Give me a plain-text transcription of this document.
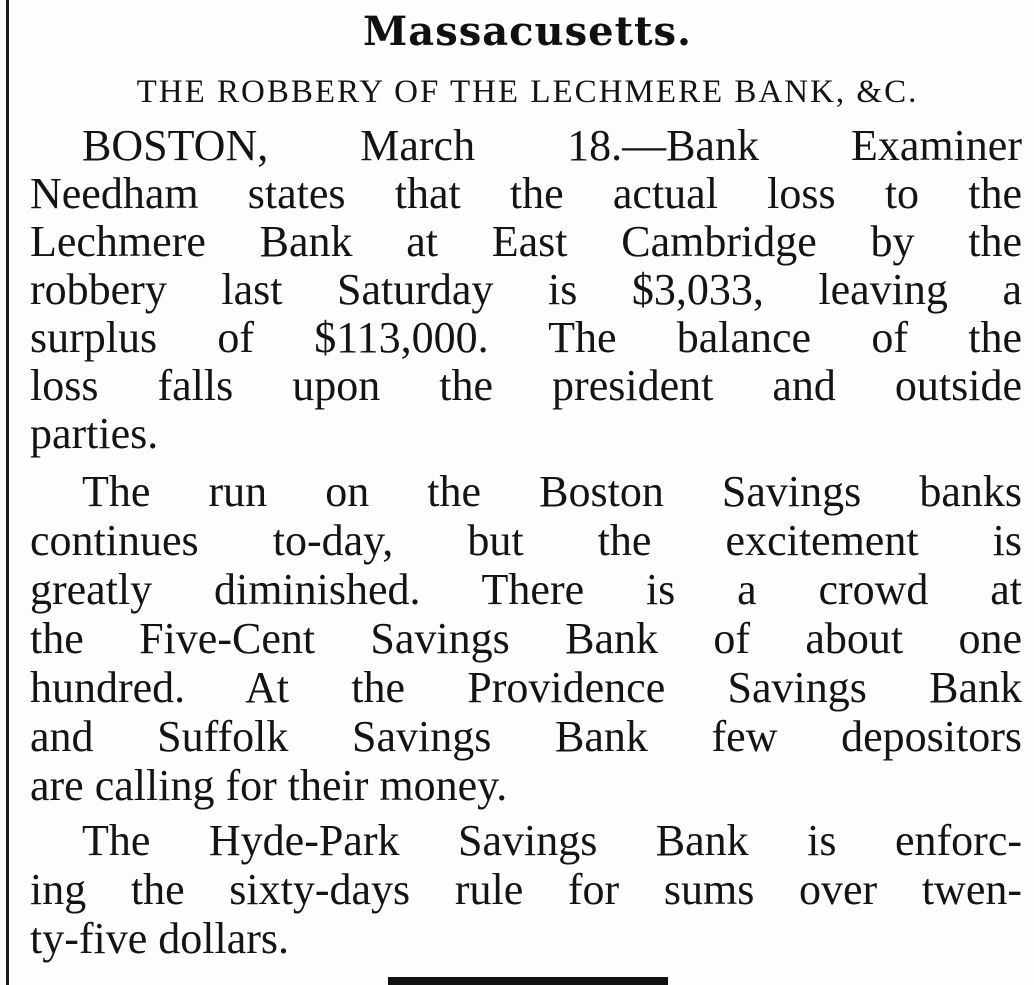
Massacusetts.
THE ROBBERY OF THE LECHMERE BANK, &C.
BOSTON, March 18.—Bank Examiner
Needham states that the actual loss to the
Lechmere Bank at East Cambridge by the
robbery last Saturday is $3,033, leaving a
surplus of $113,000. The balance of the
loss falls upon the president and outside
parties.
The run on the Boston Savings banks
continues to-day, but the excitement is
greatly diminished. There is a crowd at
the Five-Cent Savings Bank of about one
hundred. At the Providence Savings Bank
and Suffolk Savings Bank few depositors
are calling for their money.
The Hyde-Park Savings Bank is enforc-
ing the sixty-days rule for sums over twen-
ty-five dollars.
